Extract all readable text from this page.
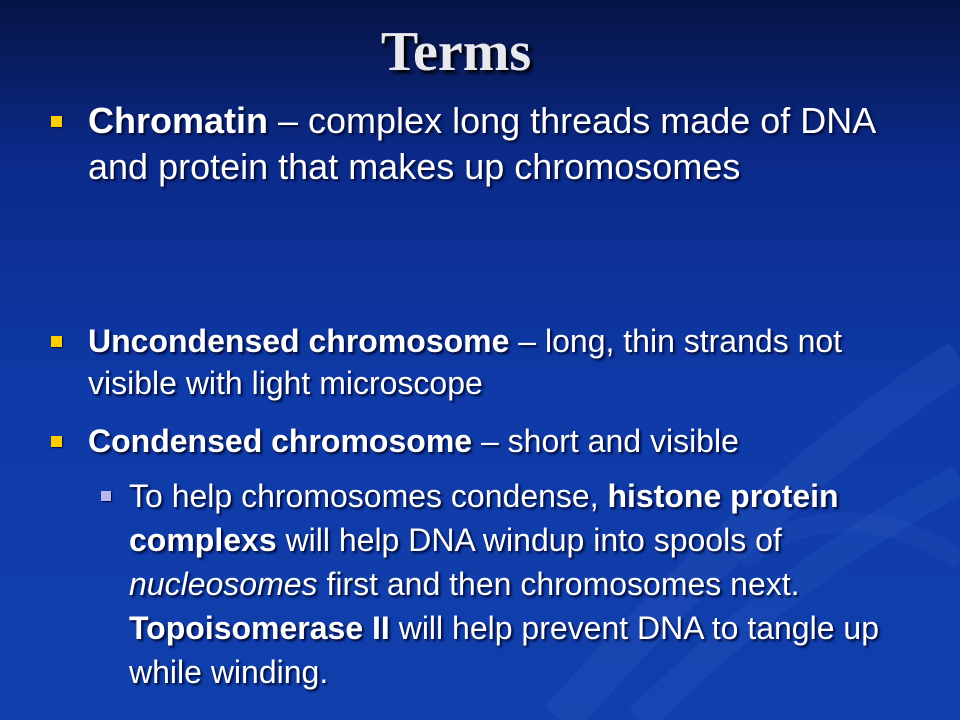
Terms
Chromatin – complex long threads made of DNA and protein that makes up chromosomes
Uncondensed chromosome – long, thin strands not visible with light microscope
Condensed chromosome – short and visible
To help chromosomes condense, histone protein complexs will help DNA windup into spools of nucleosomes first and then chromosomes next. Topoisomerase II will help prevent DNA to tangle up while winding.
